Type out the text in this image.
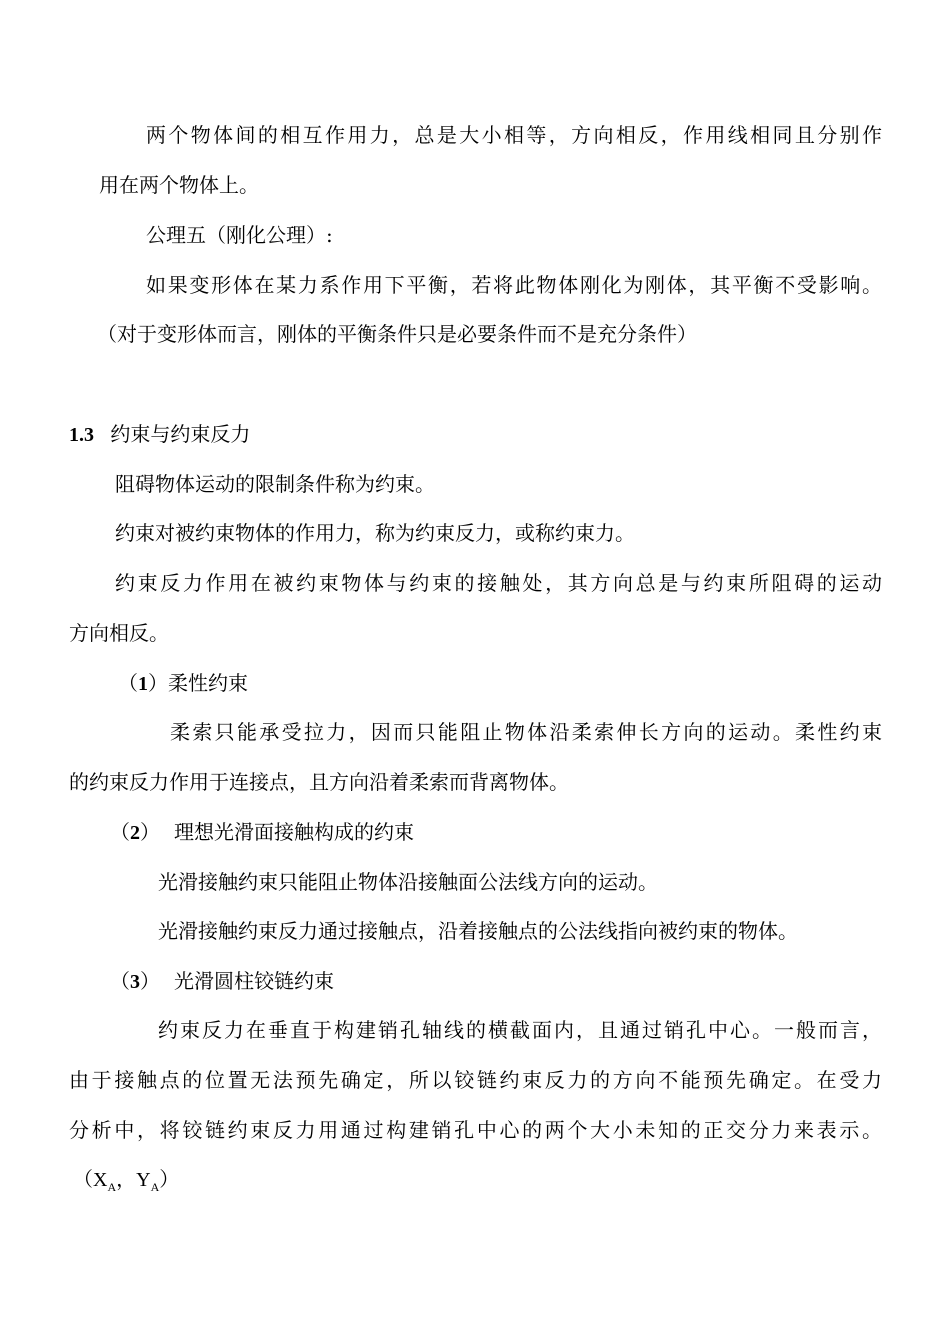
两个物体间的相互作用力，总是大小相等，方向相反，作用线相同且分别作

用在两个物体上。

公理五（刚化公理）:

如果变形体在某力系作用下平衡，若将此物体刚化为刚体，其平衡不受影响。

（对于变形体而言，刚体的平衡条件只是必要条件而不是充分条件）

1.3 约束与约束反力

阻碍物体运动的限制条件称为约束。

约束对被约束物体的作用力，称为约束反力，或称约束力。

约束反力作用在被约束物体与约束的接触处，其方向总是与约束所阻碍的运动

方向相反。

（1）柔性约束

柔索只能承受拉力，因而只能阻止物体沿柔索伸长方向的运动。柔性约束

的约束反力作用于连接点，且方向沿着柔索而背离物体。

（2） 理想光滑面接触构成的约束

光滑接触约束只能阻止物体沿接触面公法线方向的运动。

光滑接触约束反力通过接触点，沿着接触点的公法线指向被约束的物体。

（3） 光滑圆柱铰链约束

约束反力在垂直于构建销孔轴线的横截面内，且通过销孔中心。一般而言，

由于接触点的位置无法预先确定，所以铰链约束反力的方向不能预先确定。在受力

分析中，将铰链约束反力用通过构建销孔中心的两个大小未知的正交分力来表示。

（$X_A$，$Y_A$）
